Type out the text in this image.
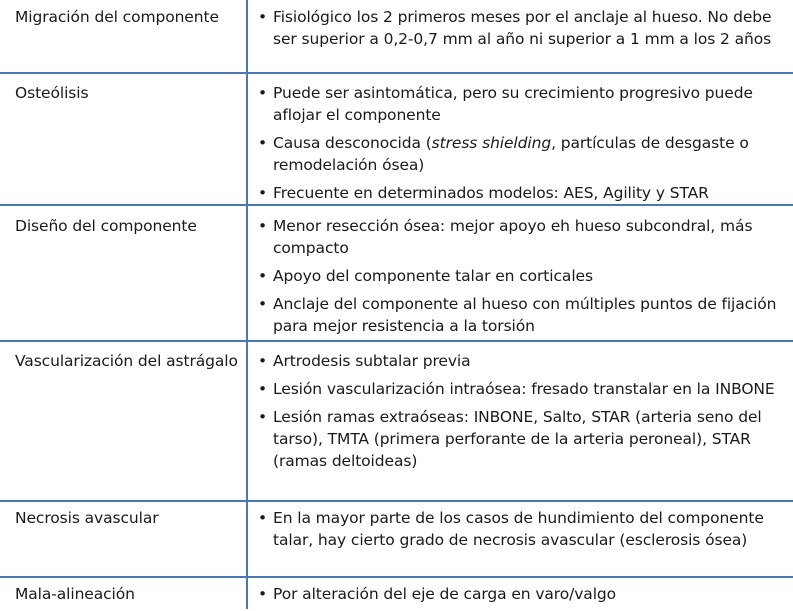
Migración del componente	• Fisiológico los 2 primeros meses por el anclaje al hueso. No debe ser superior a 0,2-0,7 mm al año ni superior a 1 mm a los 2 años
Osteólisis	• Puede ser asintomática, pero su crecimiento progresivo puede aflojar el componente
• Causa desconocida (stress shielding, partículas de desgaste o remodelación ósea)
• Frecuente en determinados modelos: AES, Agility y STAR
Diseño del componente	• Menor resección ósea: mejor apoyo eh hueso subcondral, más compacto
• Apoyo del componente talar en corticales
• Anclaje del componente al hueso con múltiples puntos de fijación para mejor resistencia a la torsión
Vascularización del astrágalo • Artrodesis subtalar previa
• Lesión vascularización intraósea: fresado transtalar en la INBONE
• Lesión ramas extraóseas: INBONE, Salto, STAR (arteria seno del tarso), TMTA (primera perforante de la arteria peroneal), STAR (ramas deltoideas)
Necrosis avascular	• En la mayor parte de los casos de hundimiento del componente talar, hay cierto grado de necrosis avascular (esclerosis ósea)
Mala-alineación	• Por alteración del eje de carga en varo/valgo
